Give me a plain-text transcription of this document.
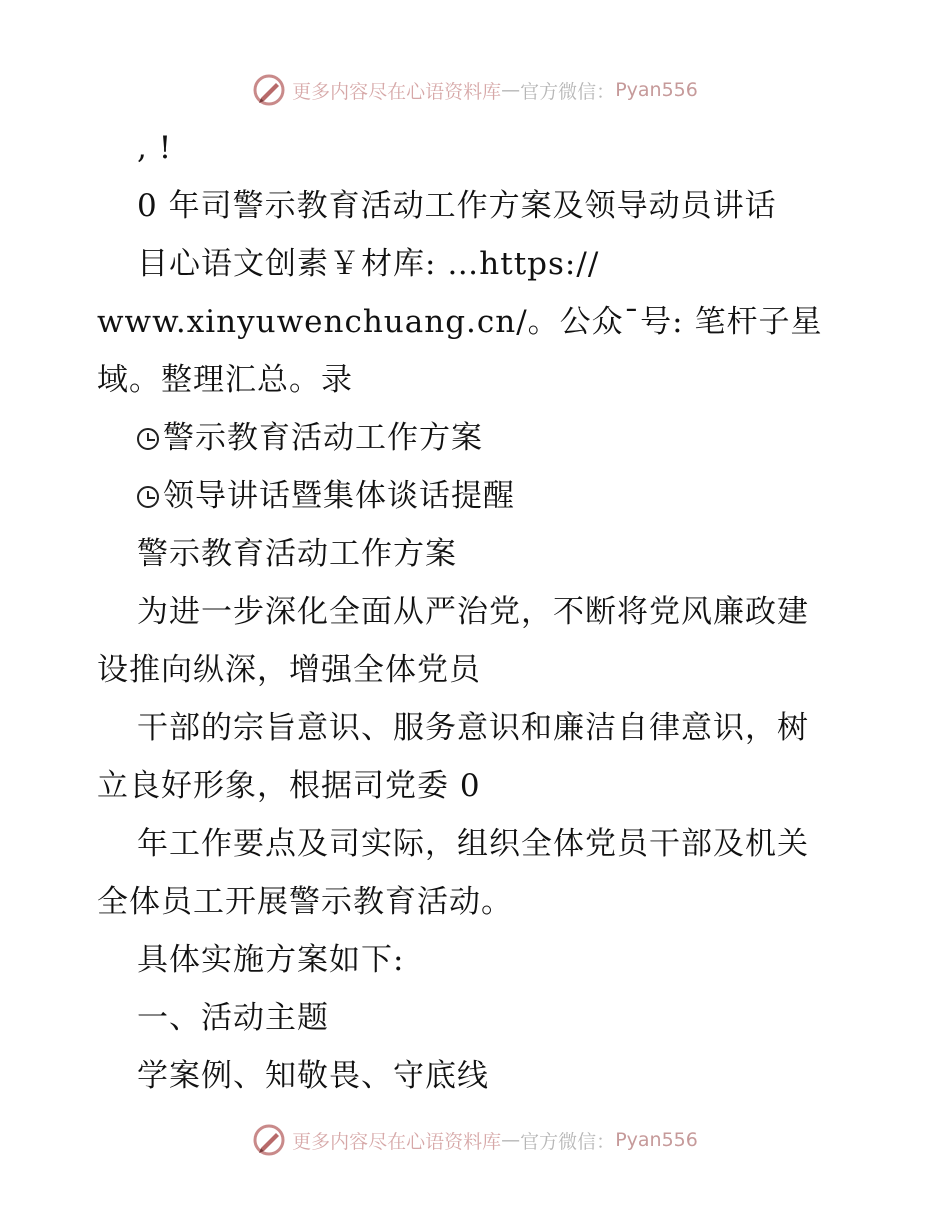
更多内容尽在心语资料库 — 官方微信： Pyan556
, !
0 年司警示教育活动工作方案及领导动员讲话
目心语文创素￥材库: …https://
www.xinyuwenchuang.cn/。公众¯号: 笔杆子星
域。整理汇总。录
警示教育活动工作方案
领导讲话暨集体谈话提醒
警示教育活动工作方案
为进一步深化全面从严治党，不断将党风廉政建
设推向纵深，增强全体党员
干部的宗旨意识、服务意识和廉洁自律意识，树
立良好形象，根据司党委 0
年工作要点及司实际，组织全体党员干部及机关
全体员工开展警示教育活动。
具体实施方案如下:
一、活动主题
学案例、知敬畏、守底线
更多内容尽在心语资料库 — 官方微信： Pyan556
